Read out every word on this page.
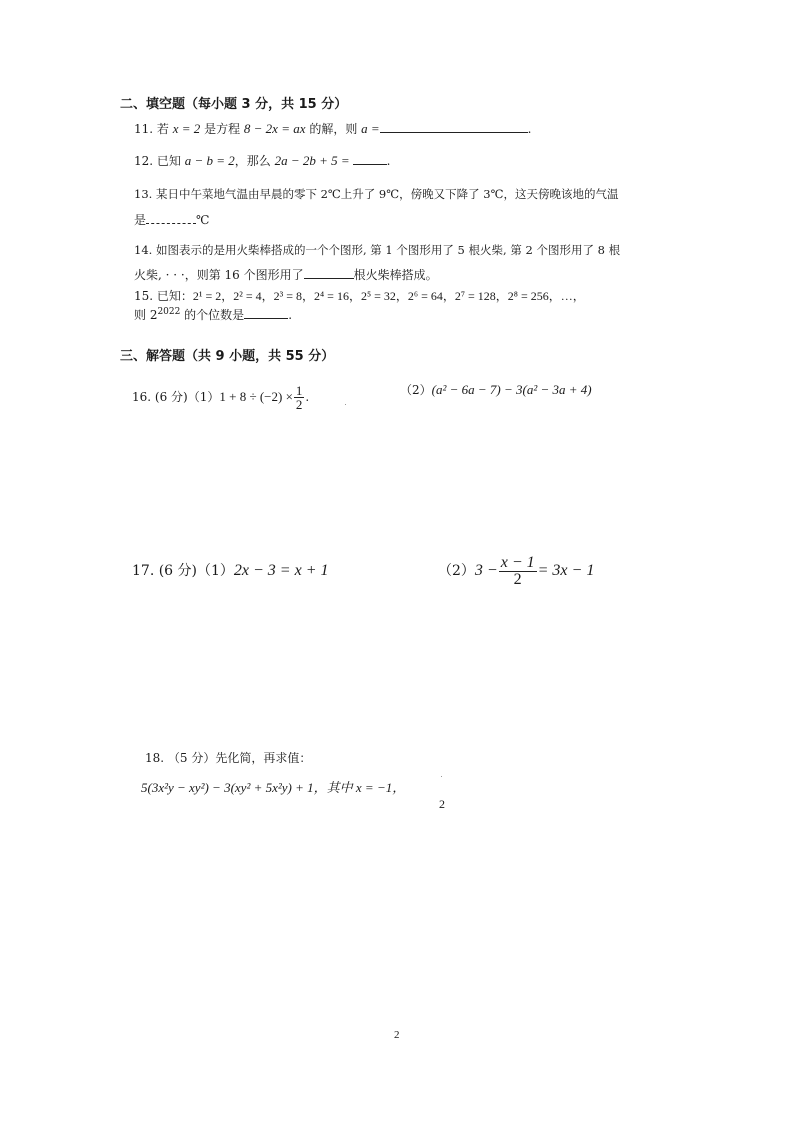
二、填空题（每小题 3 分，共 15 分）
11. 若 x = 2 是方程 8 − 2x = ax 的解，则 a =	.
12. 已知 a − b = 2，那么 2a − 2b + 5 =	.
13. 某日中午菜地气温由早晨的零下 2℃上升了 9℃，傍晚又下降了 3℃，这天傍晚该地的气温
是	℃
14. 如图表示的是用火柴棒搭成的一个个图形, 第 1 个图形用了 5 根火柴, 第 2 个图形用了 8 根
火柴, · · ·，则第 16 个图形用了	根火柴棒搭成。
15. 已知：2¹ = 2，2² = 4，2³ = 8，2⁴ = 16，2⁵ = 32，2⁶ = 64，2⁷ = 128，2⁸ = 256，…，
则 $2^{2022}$ 的个位数是	.
三、解答题（共 9 小题，共 55 分）
16. (6 分)$(1)1 + 8 \div (-2) \times \frac{1}{2}$ .	（2）(a² − 6a − 7) − 3(a² − 3a + 4)
17. (6 分)（1）2x − 3 = x + 1	$(2)3 - \frac{x - 1}{2} = 3x - 1$
18. （5 分）先化简，再求值：
5(3x²y − xy²) − 3(xy² + 5x²y) + 1，其中 x = −1，
2
2
